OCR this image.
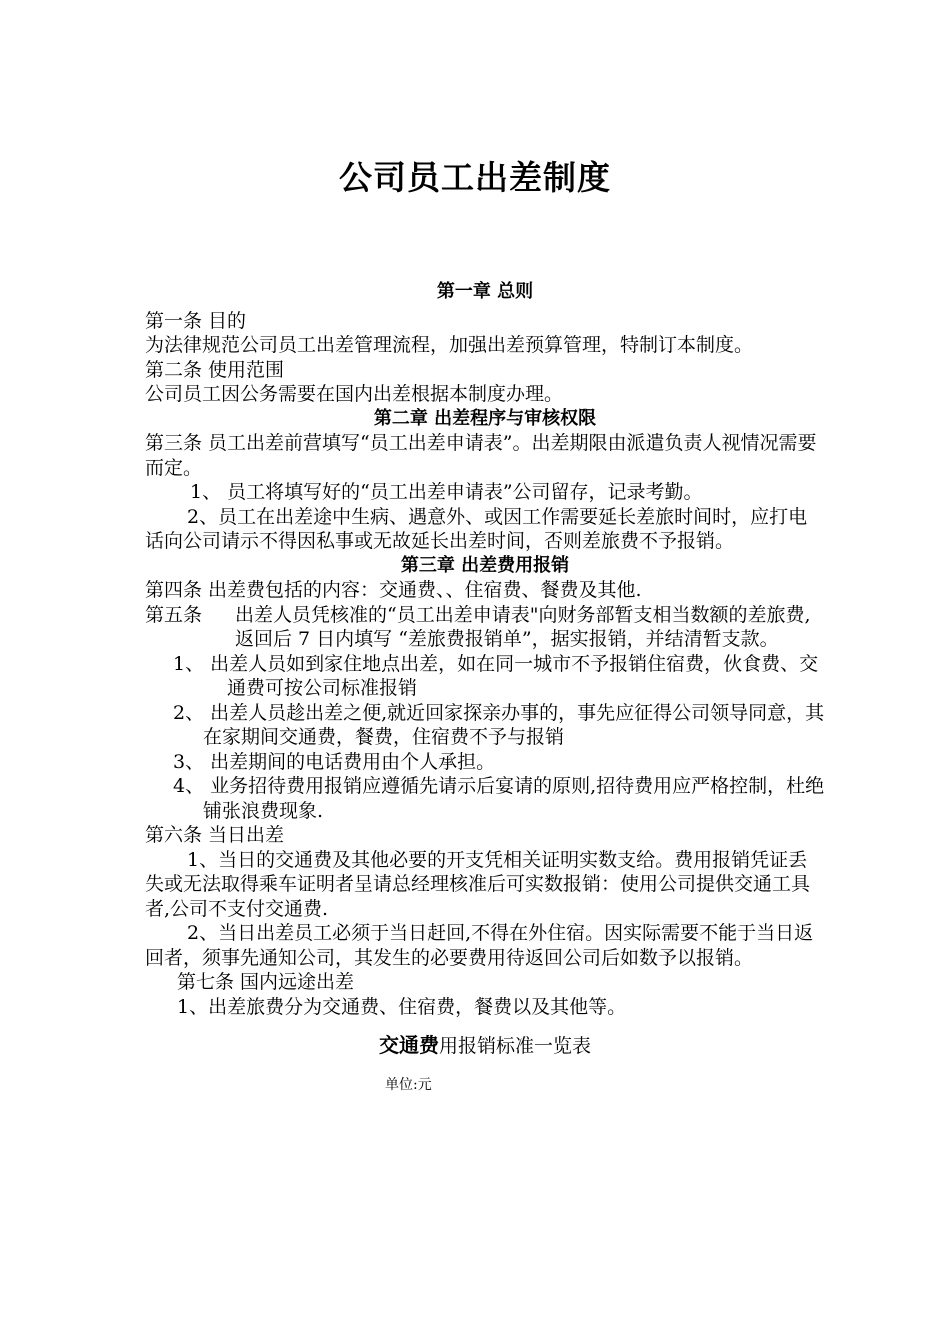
公司员工出差制度
第一章 总则

第一条 目的

为法律规范公司员工出差管理流程，加强出差预算管理，特制订本制度。

第二条 使用范围

公司员工因公务需要在国内出差根据本制度办理。

第二章 出差程序与审核权限

第三条 员工出差前营填写“员工出差申请表”。出差期限由派遣负责人视情况需要而定。

1、 员工将填写好的“员工出差申请表”公司留存，记录考勤。

2、员工在出差途中生病、遇意外、或因工作需要延长差旅时间时，应打电话向公司请示不得因私事或无故延长出差时间，否则差旅费不予报销。

第三章 出差费用报销

第四条 出差费包括的内容：交通费、、住宿费、餐费及其他.

第五条 出差人员凭核准的“员工出差申请表"向财务部暂支相当数额的差旅费,返回后 7 日内填写 “差旅费报销单”，据实报销，并结清暂支款。

1、 出差人员如到家住地点出差，如在同一城市不予报销住宿费，伙食费、交通费可按公司标准报销

2、 出差人员趁出差之便,就近回家探亲办事的，事先应征得公司领导同意，其在家期间交通费，餐费，住宿费不予与报销

3、 出差期间的电话费用由个人承担。

4、 业务招待费用报销应遵循先请示后宴请的原则,招待费用应严格控制，杜绝铺张浪费现象.

第六条 当日出差

1、当日的交通费及其他必要的开支凭相关证明实数支给。费用报销凭证丢失或无法取得乘车证明者呈请总经理核准后可实数报销：使用公司提供交通工具者,公司不支付交通费.

2、当日出差员工必须于当日赶回,不得在外住宿。因实际需要不能于当日返回者，须事先通知公司，其发生的必要费用待返回公司后如数予以报销。

第七条 国内远途出差

1、出差旅费分为交通费、住宿费，餐费以及其他等。

交通费用报销标准一览表
单位:元
